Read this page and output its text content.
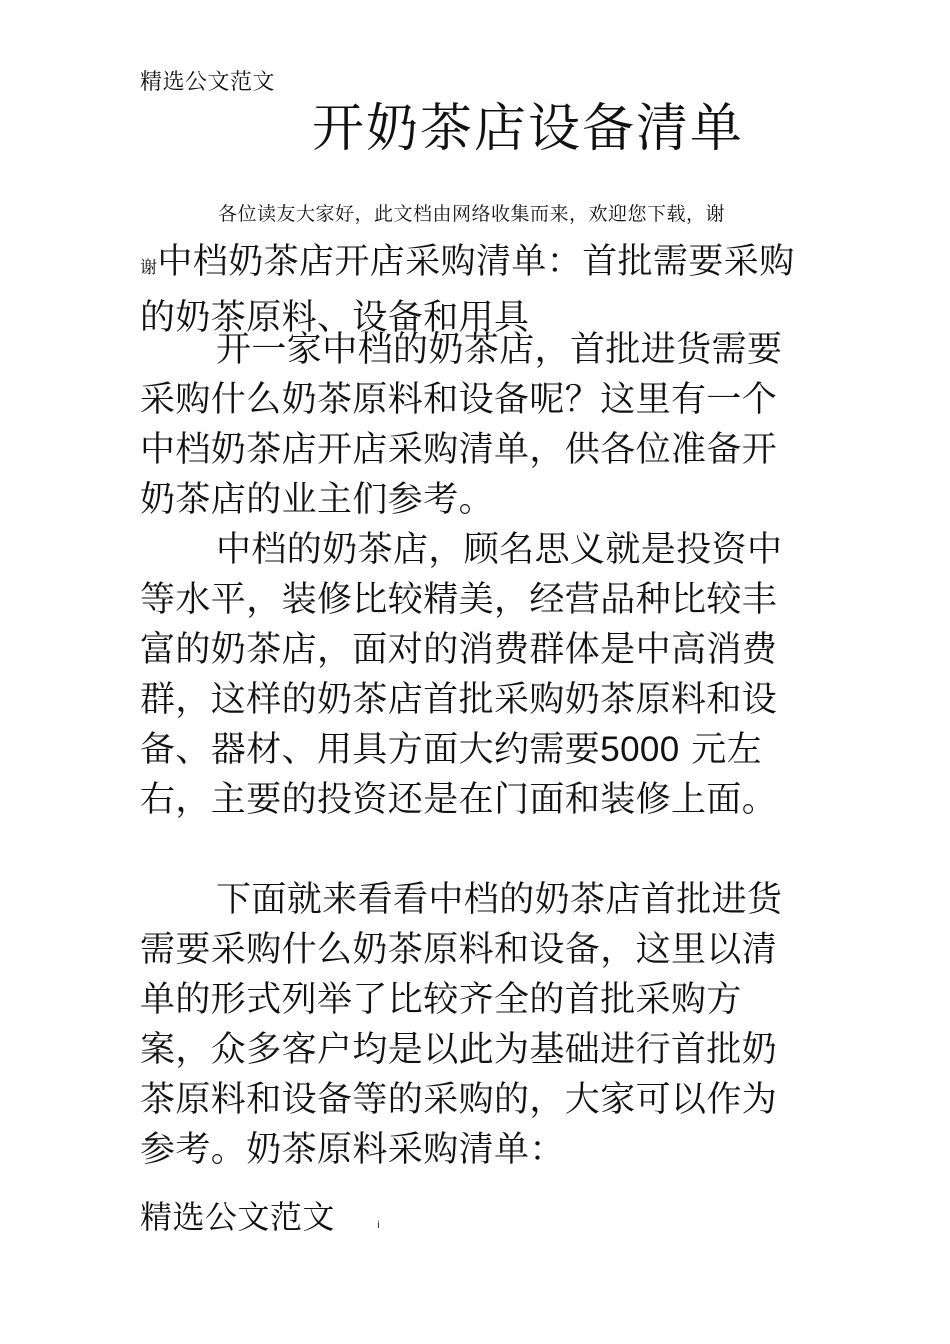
精选公文范文
开奶茶店设备清单
各位读友大家好，此文档由网络收集而来，欢迎您下载，谢
谢中档奶茶店开店采购清单：首批需要采购的奶茶原料、设备和用具
开一家中档的奶茶店，首批进货需要采购什么奶茶原料和设备呢？这里有一个中档奶茶店开店采购清单，供各位准备开奶茶店的业主们参考。
中档的奶茶店，顾名思义就是投资中等水平，装修比较精美，经营品种比较丰富的奶茶店，面对的消费群体是中高消费群，这样的奶茶店首批采购奶茶原料和设备、器材、用具方面大约需要5000 元左右，主要的投资还是在门面和装修上面。
下面就来看看中档的奶茶店首批进货需要采购什么奶茶原料和设备，这里以清单的形式列举了比较齐全的首批采购方案，众多客户均是以此为基础进行首批奶茶原料和设备等的采购的，大家可以作为参考。奶茶原料采购清单：
精选公文范文	i
